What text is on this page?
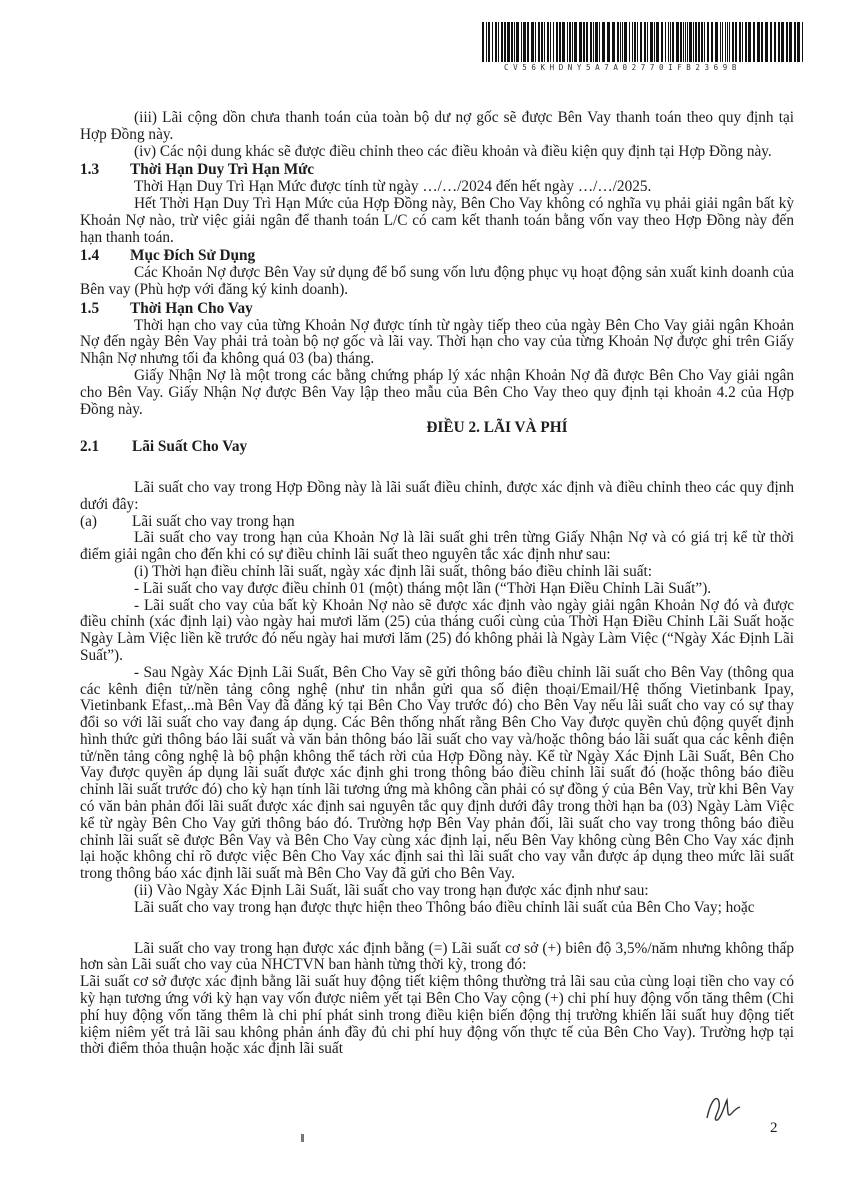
CV56KHDNY5A7A02770IFB2369B

(iii) Lãi cộng dồn chưa thanh toán của toàn bộ dư nợ gốc sẽ được Bên Vay thanh toán theo quy định tại Hợp Đồng này.

(iv) Các nội dung khác sẽ được điều chỉnh theo các điều khoản và điều kiện quy định tại Hợp Đồng này.

1.3	Thời Hạn Duy Trì Hạn Mức

Thời Hạn Duy Trì Hạn Mức được tính từ ngày …/…/2024 đến hết ngày …/…/2025.

Hết Thời Hạn Duy Trì Hạn Mức của Hợp Đồng này, Bên Cho Vay không có nghĩa vụ phải giải ngân bất kỳ Khoản Nợ nào, trừ việc giải ngân để thanh toán L/C có cam kết thanh toán bằng vốn vay theo Hợp Đồng này đến hạn thanh toán.

1.4	Mục Đích Sử Dụng

Các Khoản Nợ được Bên Vay sử dụng để bổ sung vốn lưu động phục vụ hoạt động sản xuất kinh doanh của Bên vay (Phù hợp với đăng ký kinh doanh).

1.5	Thời Hạn Cho Vay

Thời hạn cho vay của từng Khoản Nợ được tính từ ngày tiếp theo của ngày Bên Cho Vay giải ngân Khoản Nợ đến ngày Bên Vay phải trả toàn bộ nợ gốc và lãi vay. Thời hạn cho vay của từng Khoản Nợ được ghi trên Giấy Nhận Nợ nhưng tối đa không quá 03 (ba) tháng.

Giấy Nhận Nợ là một trong các bằng chứng pháp lý xác nhận Khoản Nợ đã được Bên Cho Vay giải ngân cho Bên Vay. Giấy Nhận Nợ được Bên Vay lập theo mẫu của Bên Cho Vay theo quy định tại khoản 4.2 của Hợp Đồng này.

ĐIỀU 2. LÃI VÀ PHÍ
2.1	Lãi Suất Cho Vay

Lãi suất cho vay trong Hợp Đồng này là lãi suất điều chỉnh, được xác định và điều chỉnh theo các quy định dưới đây:

(a)	Lãi suất cho vay trong hạn

Lãi suất cho vay trong hạn của Khoản Nợ là lãi suất ghi trên từng Giấy Nhận Nợ và có giá trị kể từ thời điểm giải ngân cho đến khi có sự điều chỉnh lãi suất theo nguyên tắc xác định như sau:

(i) Thời hạn điều chỉnh lãi suất, ngày xác định lãi suất, thông báo điều chỉnh lãi suất:

- Lãi suất cho vay được điều chỉnh 01 (một) tháng một lần (“Thời Hạn Điều Chỉnh Lãi Suất”).

- Lãi suất cho vay của bất kỳ Khoản Nợ nào sẽ được xác định vào ngày giải ngân Khoản Nợ đó và được điều chỉnh (xác định lại) vào ngày hai mươi lăm (25) của tháng cuối cùng của Thời Hạn Điều Chỉnh Lãi Suất hoặc Ngày Làm Việc liền kề trước đó nếu ngày hai mươi lăm (25) đó không phải là Ngày Làm Việc (“Ngày Xác Định Lãi Suất”).

- Sau Ngày Xác Định Lãi Suất, Bên Cho Vay sẽ gửi thông báo điều chỉnh lãi suất cho Bên Vay (thông qua các kênh điện tử/nền tảng công nghệ (như tin nhắn gửi qua số điện thoại/Email/Hệ thống Vietinbank Ipay, Vietinbank Efast,..mà Bên Vay đã đăng ký tại Bên Cho Vay trước đó) cho Bên Vay nếu lãi suất cho vay có sự thay đổi so với lãi suất cho vay đang áp dụng. Các Bên thống nhất rằng Bên Cho Vay được quyền chủ động quyết định hình thức gửi thông báo lãi suất và văn bản thông báo lãi suất cho vay và/hoặc thông báo lãi suất qua các kênh điện tử/nền tảng công nghệ là bộ phận không thể tách rời của Hợp Đồng này. Kể từ Ngày Xác Định Lãi Suất, Bên Cho Vay được quyền áp dụng lãi suất được xác định ghi trong thông báo điều chỉnh lãi suất đó (hoặc thông báo điều chỉnh lãi suất trước đó) cho kỳ hạn tính lãi tương ứng mà không cần phải có sự đồng ý của Bên Vay, trừ khi Bên Vay có văn bản phản đối lãi suất được xác định sai nguyên tắc quy định dưới đây trong thời hạn ba (03) Ngày Làm Việc kể từ ngày Bên Cho Vay gửi thông báo đó. Trường hợp Bên Vay phản đối, lãi suất cho vay trong thông báo điều chỉnh lãi suất sẽ được Bên Vay và Bên Cho Vay cùng xác định lại, nếu Bên Vay không cùng Bên Cho Vay xác định lại hoặc không chỉ rõ được việc Bên Cho Vay xác định sai thì lãi suất cho vay vẫn được áp dụng theo mức lãi suất trong thông báo xác định lãi suất mà Bên Cho Vay đã gửi cho Bên Vay.

(ii) Vào Ngày Xác Định Lãi Suất, lãi suất cho vay trong hạn được xác định như sau:

Lãi suất cho vay trong hạn được thực hiện theo Thông báo điều chỉnh lãi suất của Bên Cho Vay; hoặc

Lãi suất cho vay trong hạn được xác định bằng (=) Lãi suất cơ sở (+) biên độ 3,5%/năm nhưng không thấp hơn sàn Lãi suất cho vay của NHCTVN ban hành từng thời kỳ, trong đó:

Lãi suất cơ sở được xác định bằng lãi suất huy động tiết kiệm thông thường trả lãi sau của cùng loại tiền cho vay có kỳ hạn tương ứng với kỳ hạn vay vốn được niêm yết tại Bên Cho Vay cộng (+) chi phí huy động vốn tăng thêm (Chi phí huy động vốn tăng thêm là chi phí phát sinh trong điều kiện biến động thị trường khiến lãi suất huy động tiết kiệm niêm yết trả lãi sau không phản ánh đầy đủ chi phí huy động vốn thực tế của Bên Cho Vay). Trường hợp tại thời điểm thỏa thuận hoặc xác định lãi suất

2
